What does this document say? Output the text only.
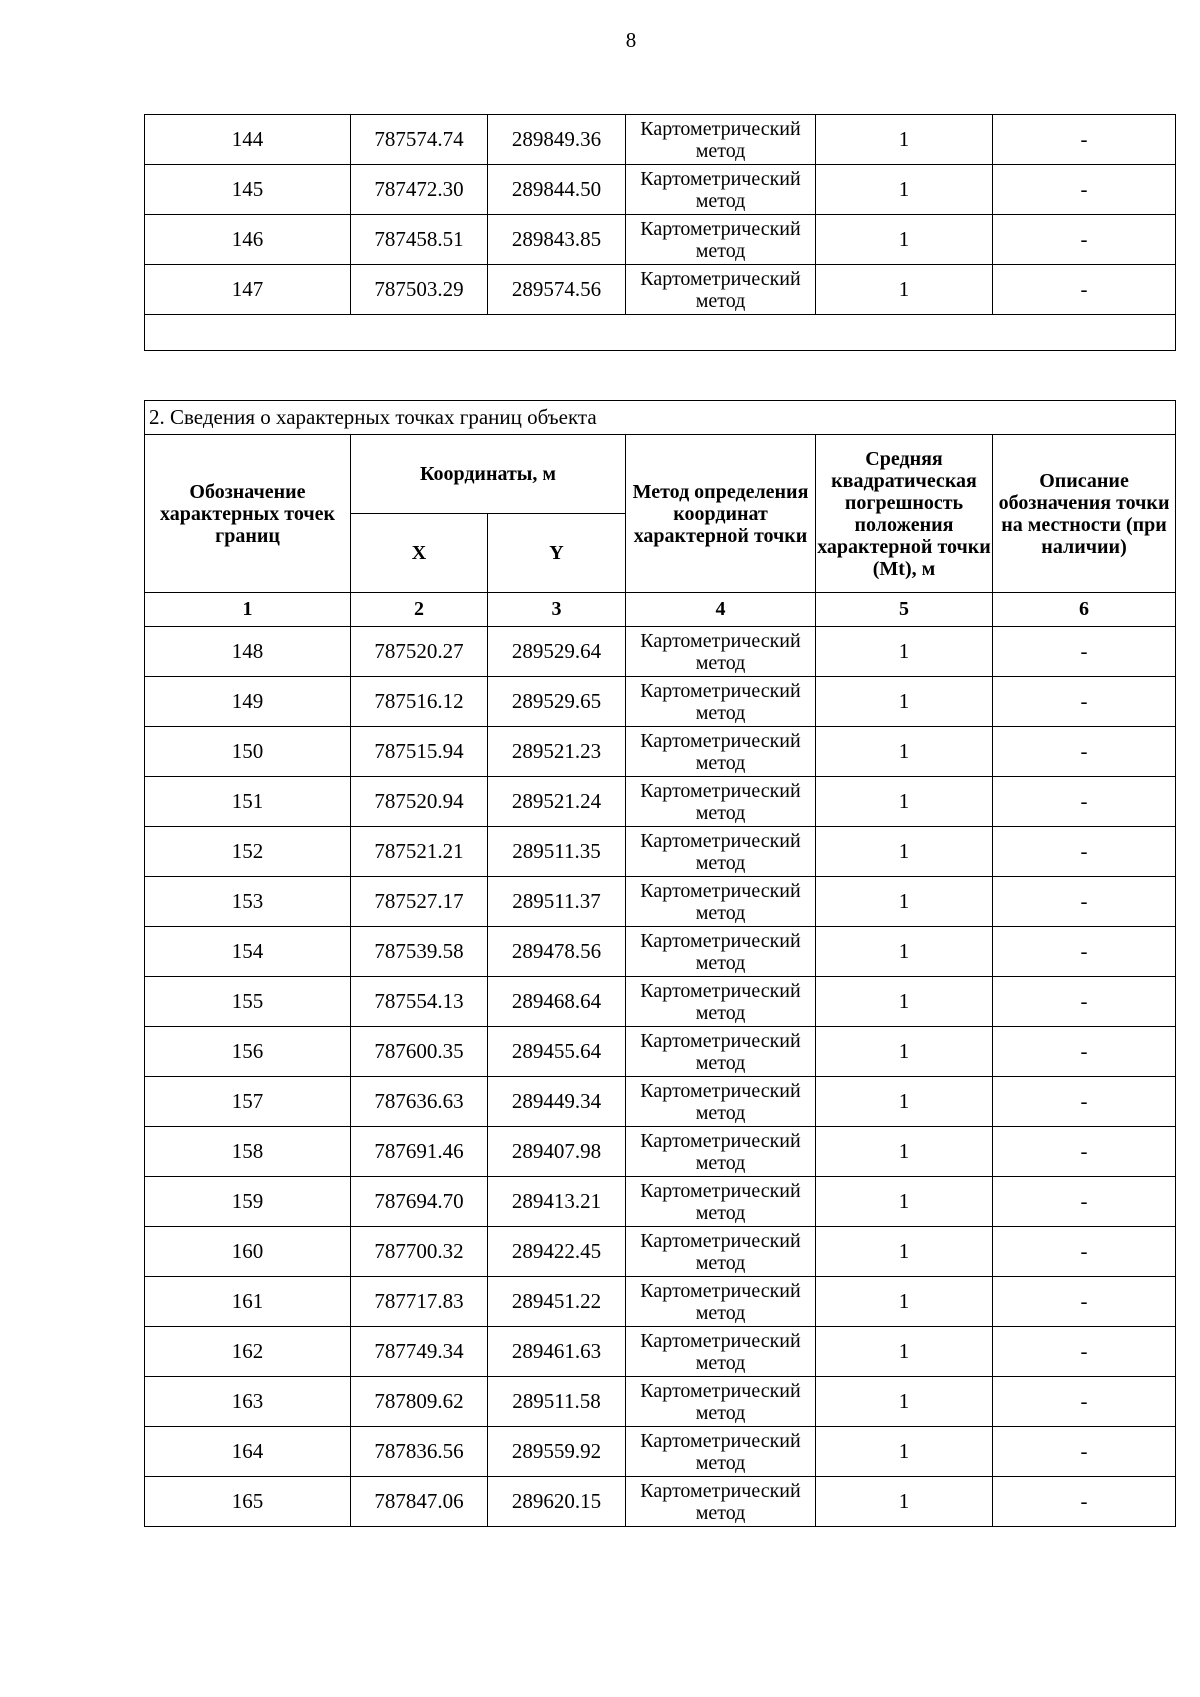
8
144	787574.74	289849.36	Картометрический метод	1	-
145	787472.30	289844.50	Картометрический метод	1	-
146	787458.51	289843.85	Картометрический метод	1	-
147	787503.29	289574.56	Картометрический метод	1	-

2. Сведения о характерных точках границ объекта					
Обозначение характерных точек границ	Координаты, м		Метод определения координат характерной точки	Средняя квадратическая погрешность положения характерной точки (Mt), м	Описание обозначения точки на местности (при наличии)
	X	Y			
1	2	3	4	5	6
148	787520.27	289529.64	Картометрический метод	1	-
149	787516.12	289529.65	Картометрический метод	1	-
150	787515.94	289521.23	Картометрический метод	1	-
151	787520.94	289521.24	Картометрический метод	1	-
152	787521.21	289511.35	Картометрический метод	1	-
153	787527.17	289511.37	Картометрический метод	1	-
154	787539.58	289478.56	Картометрический метод	1	-
155	787554.13	289468.64	Картометрический метод	1	-
156	787600.35	289455.64	Картометрический метод	1	-
157	787636.63	289449.34	Картометрический метод	1	-
158	787691.46	289407.98	Картометрический метод	1	-
159	787694.70	289413.21	Картометрический метод	1	-
160	787700.32	289422.45	Картометрический метод	1	-
161	787717.83	289451.22	Картометрический метод	1	-
162	787749.34	289461.63	Картометрический метод	1	-
163	787809.62	289511.58	Картометрический метод	1	-
164	787836.56	289559.92	Картометрический метод	1	-
165	787847.06	289620.15	Картометрический метод	1	-
